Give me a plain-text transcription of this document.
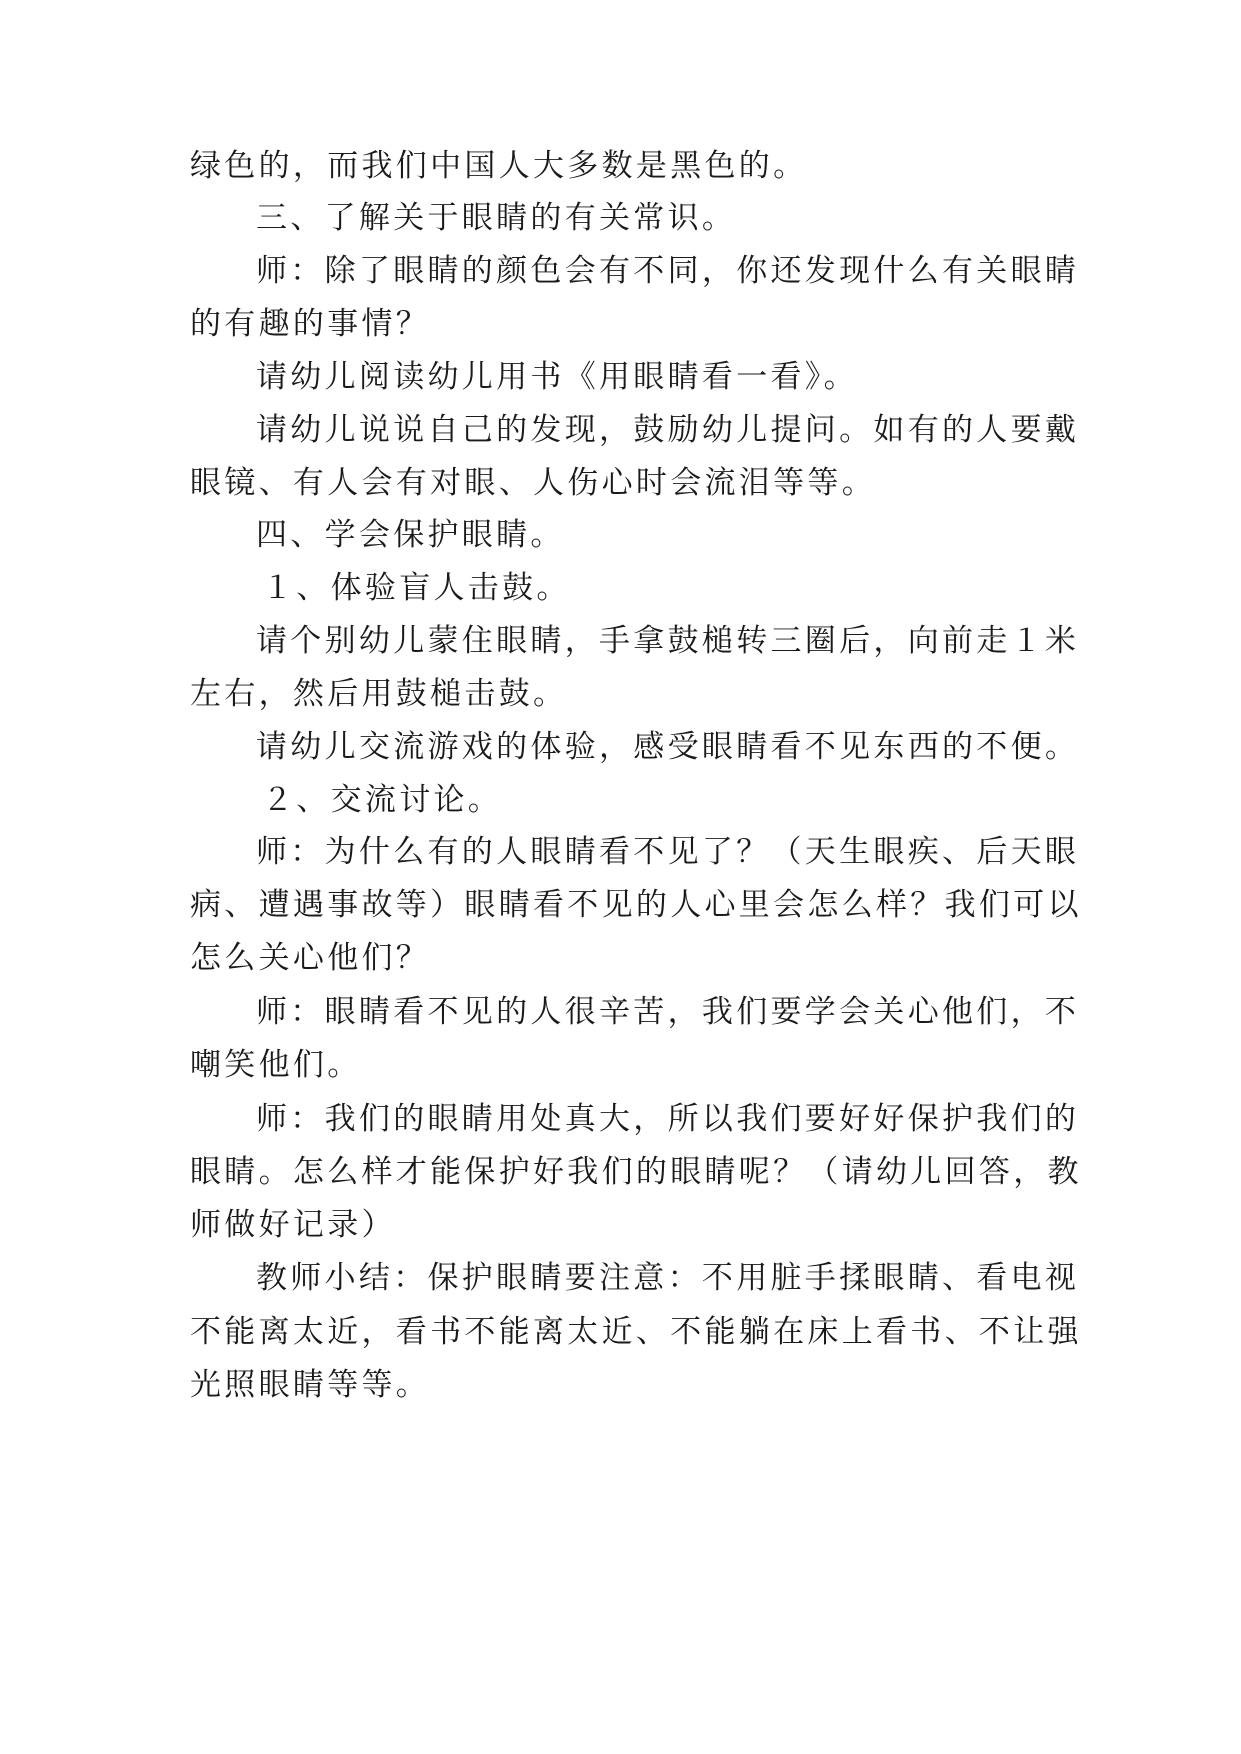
绿色的，而我们中国人大多数是黑色的。
三、了解关于眼睛的有关常识。
师：除了眼睛的颜色会有不同，你还发现什么有关眼睛
的有趣的事情？
请幼儿阅读幼儿用书《用眼睛看一看》。
请幼儿说说自己的发现，鼓励幼儿提问。如有的人要戴
眼镜、有人会有对眼、人伤心时会流泪等等。
四、学会保护眼睛。
１、体验盲人击鼓。
请个别幼儿蒙住眼睛，手拿鼓槌转三圈后，向前走１米
左右，然后用鼓槌击鼓。
请幼儿交流游戏的体验，感受眼睛看不见东西的不便。
２、交流讨论。
师：为什么有的人眼睛看不见了？（天生眼疾、后天眼
病、遭遇事故等）眼睛看不见的人心里会怎么样？我们可以
怎么关心他们？
师：眼睛看不见的人很辛苦，我们要学会关心他们，不
嘲笑他们。
师：我们的眼睛用处真大，所以我们要好好保护我们的
眼睛。怎么样才能保护好我们的眼睛呢？（请幼儿回答，教
师做好记录）
教师小结：保护眼睛要注意：不用脏手揉眼睛、看电视
不能离太近，看书不能离太近、不能躺在床上看书、不让强
光照眼睛等等。
